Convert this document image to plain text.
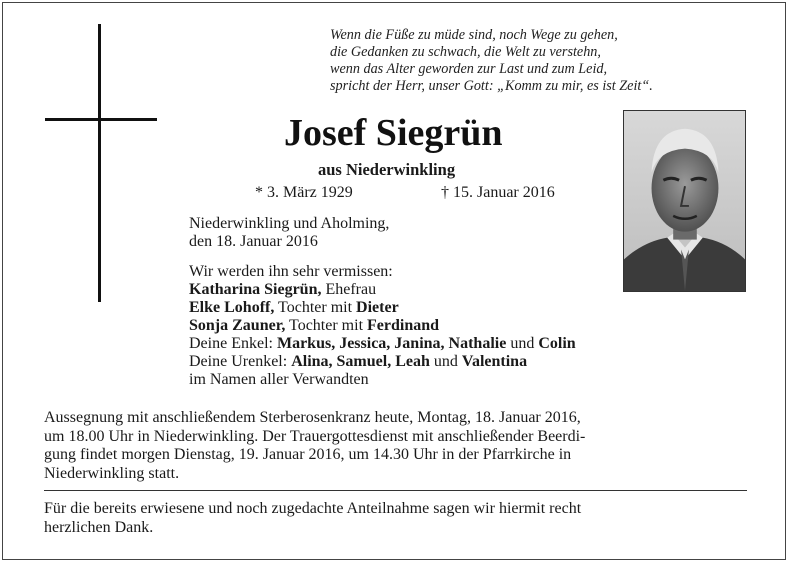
Wenn die Füße zu müde sind, noch Wege zu gehen,
die Gedanken zu schwach, die Welt zu verstehn,
wenn das Alter geworden zur Last und zum Leid,
spricht der Herr, unser Gott: „Komm zu mir, es ist Zeit“.
Josef Siegrün
aus Niederwinkling
* 3. März 1929	† 15. Januar 2016
Niederwinkling und Aholming,
den 18. Januar 2016
Wir werden ihn sehr vermissen:
Katharina Siegrün, Ehefrau
Elke Lohoff, Tochter mit Dieter
Sonja Zauner, Tochter mit Ferdinand
Deine Enkel: Markus, Jessica, Janina, Nathalie und Colin
Deine Urenkel: Alina, Samuel, Leah und Valentina
im Namen aller Verwandten
Aussegnung mit anschließendem Sterberosenkranz heute, Montag, 18. Januar 2016,
um 18.00 Uhr in Niederwinkling. Der Trauergottesdienst mit anschließender Beerdi-
gung findet morgen Dienstag, 19. Januar 2016, um 14.30 Uhr in der Pfarrkirche in
Niederwinkling statt.
Für die bereits erwiesene und noch zugedachte Anteilnahme sagen wir hiermit recht
herzlichen Dank.
